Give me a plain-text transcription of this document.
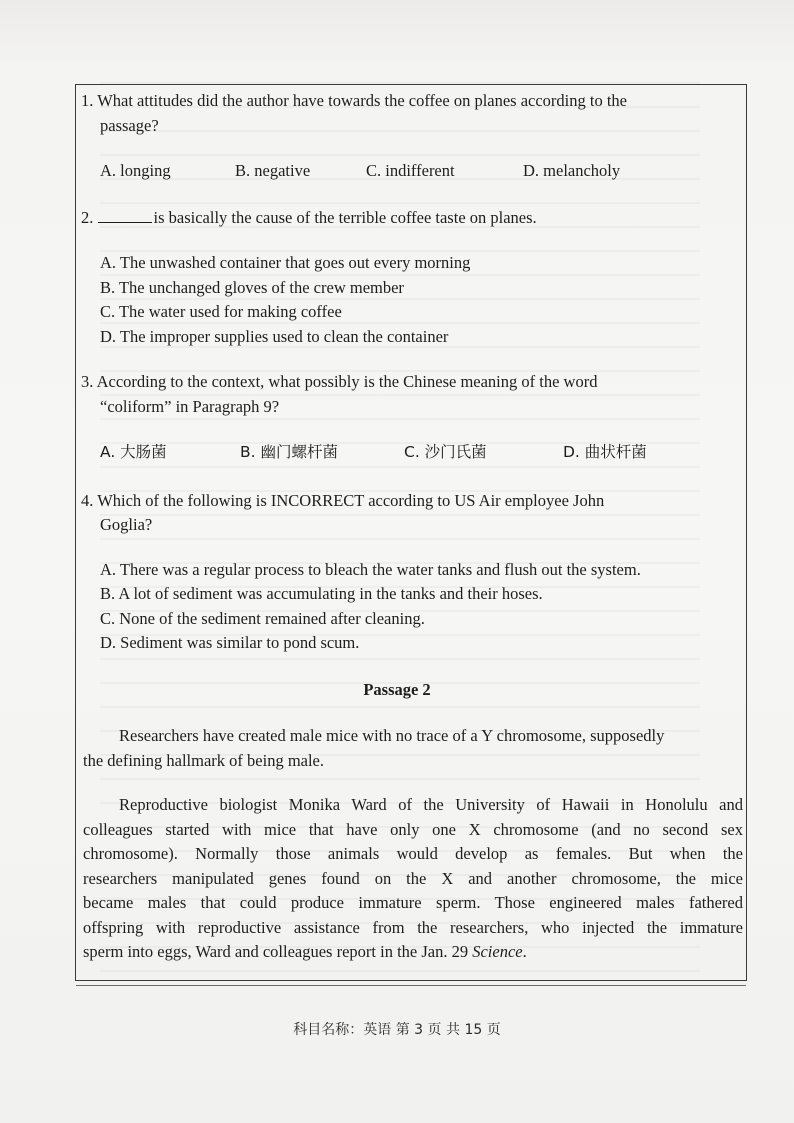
1. What attitudes did the author have towards the coffee on planes according to the
passage?
A. longing	B. negative	C. indifferent	D. melancholy
2.	is basically the cause of the terrible coffee taste on planes.
A. The unwashed container that goes out every morning
B. The unchanged gloves of the crew member
C. The water used for making coffee
D. The improper supplies used to clean the container
3. According to the context, what possibly is the Chinese meaning of the word
“coliform” in Paragraph 9?
A. 大肠菌	B. 幽门螺杆菌	C. 沙门氏菌	D. 曲状杆菌
4. Which of the following is INCORRECT according to US Air employee John
Goglia?
A. There was a regular process to bleach the water tanks and flush out the system.
B. A lot of sediment was accumulating in the tanks and their hoses.
C. None of the sediment remained after cleaning.
D. Sediment was similar to pond scum.
Passage 2
Researchers have created male mice with no trace of a Y chromosome, supposedly
the defining hallmark of being male.
Reproductive biologist Monika Ward of the University of Hawaii in Honolulu and
colleagues started with mice that have only one X chromosome (and no second sex
chromosome). Normally those animals would develop as females. But when the
researchers manipulated genes found on the X and another chromosome, the mice
became males that could produce immature sperm. Those engineered males fathered
offspring with reproductive assistance from the researchers, who injected the immature
sperm into eggs, Ward and colleagues report in the Jan. 29 Science.
科目名称：英语 第 3 页 共 15 页
